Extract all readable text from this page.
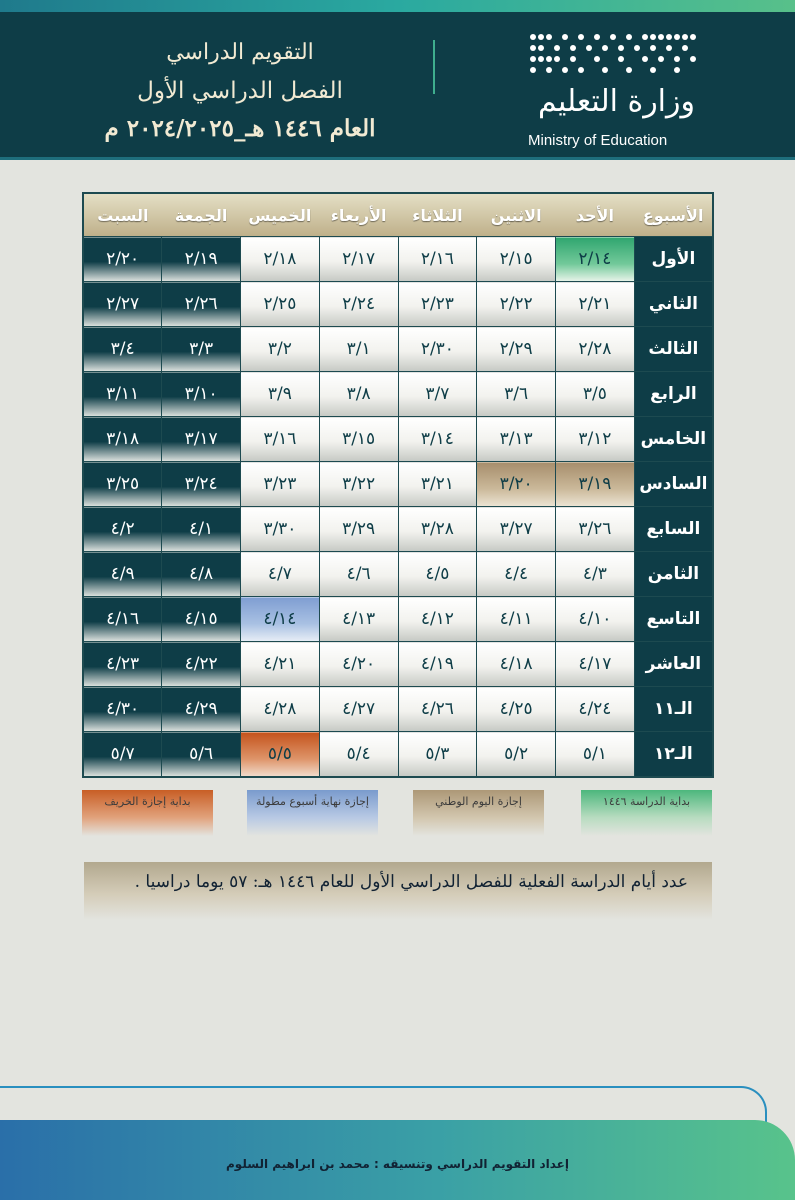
التقويم الدراسي
الفصل الدراسي الأول
العام ١٤٤٦ هـ_٢٠٢٤/٢٠٢٥ م
وزارة التعليم
Ministry of Education
الأسبوع	الأحد	الاثنين	الثلاثاء	الأربعاء	الخميس	الجمعة	السبت
الأول	٢/١٤	٢/١٥	٢/١٦	٢/١٧	٢/١٨	٢/١٩	٢/٢٠
الثاني	٢/٢١	٢/٢٢	٢/٢٣	٢/٢٤	٢/٢٥	٢/٢٦	٢/٢٧
الثالث	٢/٢٨	٢/٢٩	٢/٣٠	٣/١	٣/٢	٣/٣	٣/٤
الرابع	٣/٥	٣/٦	٣/٧	٣/٨	٣/٩	٣/١٠	٣/١١
الخامس	٣/١٢	٣/١٣	٣/١٤	٣/١٥	٣/١٦	٣/١٧	٣/١٨
السادس	٣/١٩	٣/٢٠	٣/٢١	٣/٢٢	٣/٢٣	٣/٢٤	٣/٢٥
السابع	٣/٢٦	٣/٢٧	٣/٢٨	٣/٢٩	٣/٣٠	٤/١	٤/٢
الثامن	٤/٣	٤/٤	٤/٥	٤/٦	٤/٧	٤/٨	٤/٩
التاسع	٤/١٠	٤/١١	٤/١٢	٤/١٣	٤/١٤	٤/١٥	٤/١٦
العاشر	٤/١٧	٤/١٨	٤/١٩	٤/٢٠	٤/٢١	٤/٢٢	٤/٢٣
الـ١١	٤/٢٤	٤/٢٥	٤/٢٦	٤/٢٧	٤/٢٨	٤/٢٩	٤/٣٠
الـ١٢	٥/١	٥/٢	٥/٣	٥/٤	٥/٥	٥/٦	٥/٧
بداية الدراسة ١٤٤٦
إجازة اليوم الوطني
إجازة نهاية أسبوع مطولة
بداية إجازة الخريف
عدد أيام الدراسة الفعلية للفصل الدراسي الأول للعام ١٤٤٦ هـ: ٥٧ يوما دراسيا .
إعداد التقويم الدراسي وتنسيقه : محمد بن ابراهيم السلوم
